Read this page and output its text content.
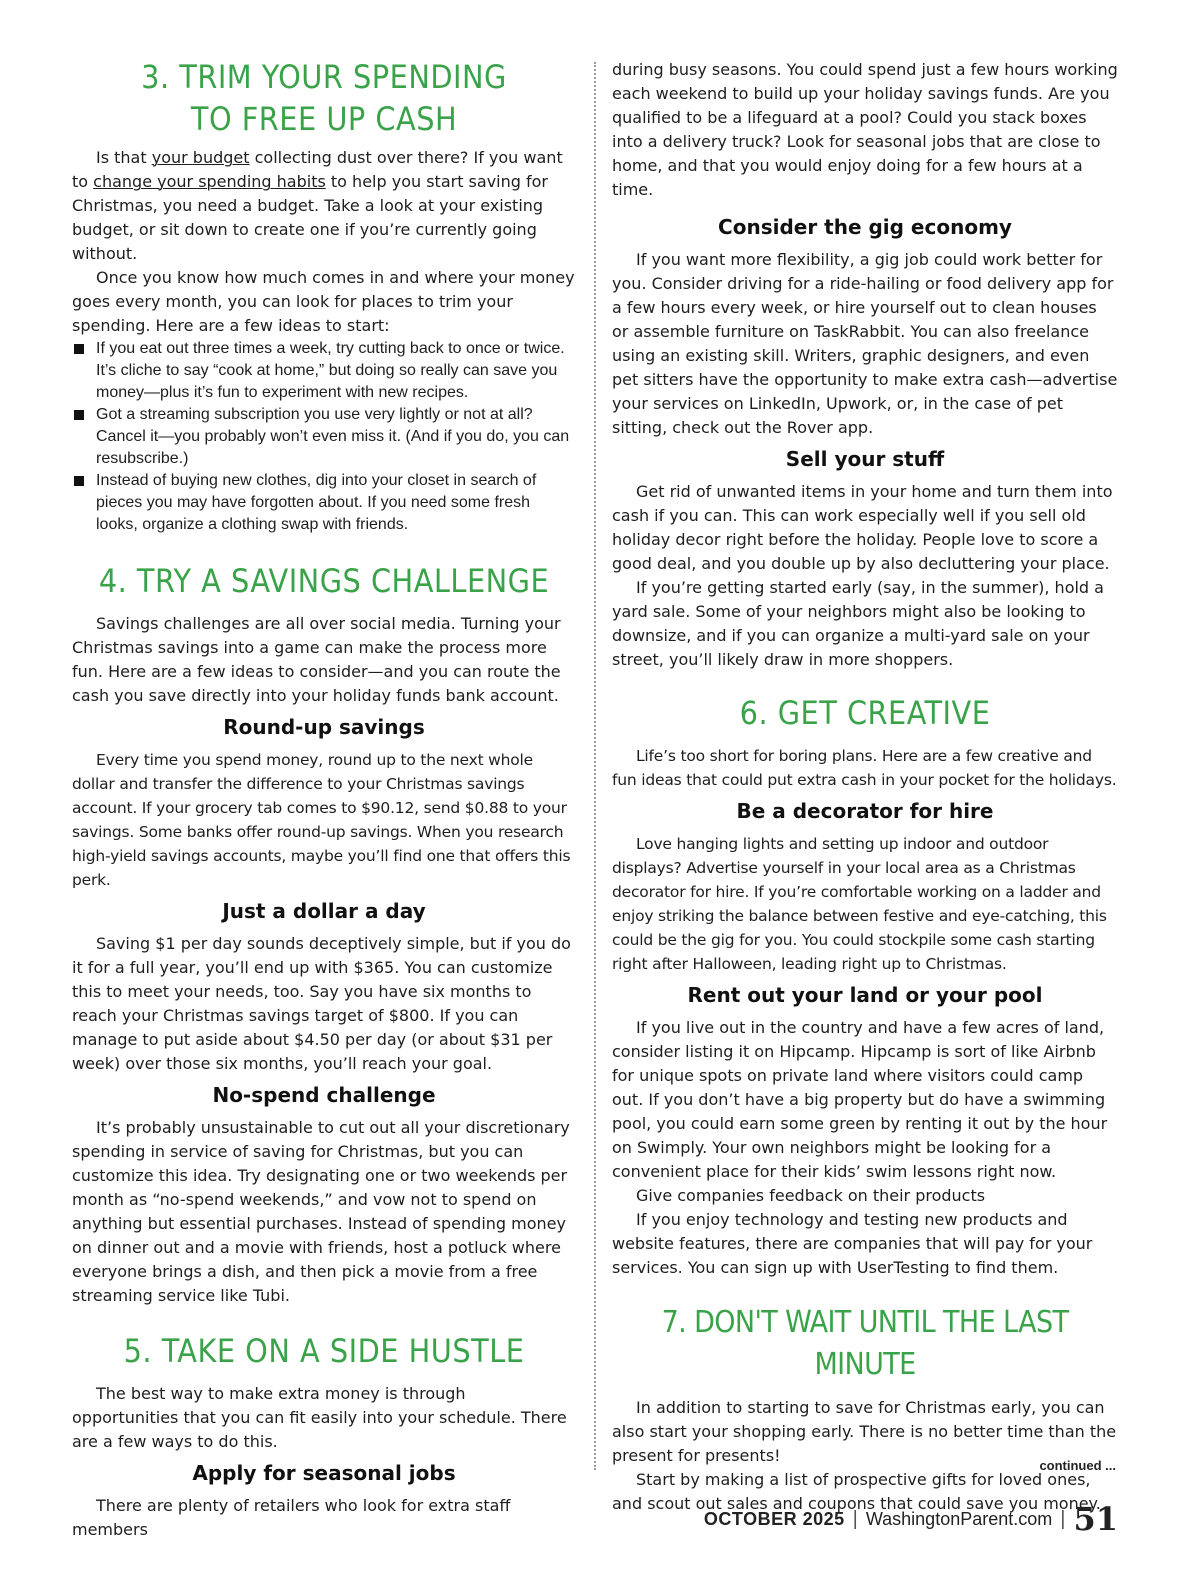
3. TRIM YOUR SPENDING
TO FREE UP CASH

Is that your budget collecting dust over there? If you want to change your spending habits to help you start saving for Christmas, you need a budget. Take a look at your existing budget, or sit down to create one if you’re currently going without.

Once you know how much comes in and where your money goes every month, you can look for places to trim your spending. Here are a few ideas to start:

If you eat out three times a week, try cutting back to once or twice. It’s cliche to say “cook at home,” but doing so really can save you money—plus it’s fun to experiment with new recipes.
Got a streaming subscription you use very lightly or not at all? Cancel it—you probably won’t even miss it. (And if you do, you can resubscribe.)
Instead of buying new clothes, dig into your closet in search of pieces you may have forgotten about. If you need some fresh looks, organize a clothing swap with friends.
4. TRY A SAVINGS CHALLENGE

Savings challenges are all over social media. Turning your Christmas savings into a game can make the process more fun. Here are a few ideas to consider—and you can route the cash you save directly into your holiday funds bank account.

Round-up savings

Every time you spend money, round up to the next whole dollar and transfer the difference to your Christmas savings account. If your grocery tab comes to $90.12, send $0.88 to your savings. Some banks offer round-up savings. When you research high-yield savings accounts, maybe you’ll find one that offers this perk.

Just a dollar a day

Saving $1 per day sounds deceptively simple, but if you do it for a full year, you’ll end up with $365. You can customize this to meet your needs, too. Say you have six months to reach your Christmas savings target of $800. If you can manage to put aside about $4.50 per day (or about $31 per week) over those six months, you’ll reach your goal.

No-spend challenge

It’s probably unsustainable to cut out all your discretionary spending in service of saving for Christmas, but you can customize this idea. Try designating one or two weekends per month as “no-spend weekends,” and vow not to spend on anything but essential purchases. Instead of spending money on dinner out and a movie with friends, host a potluck where everyone brings a dish, and then pick a movie from a free streaming service like Tubi.

5. TAKE ON A SIDE HUSTLE

The best way to make extra money is through opportunities that you can fit easily into your schedule. There are a few ways to do this.

Apply for seasonal jobs

There are plenty of retailers who look for extra staff members

during busy seasons. You could spend just a few hours working each weekend to build up your holiday savings funds. Are you qualified to be a lifeguard at a pool? Could you stack boxes into a delivery truck? Look for seasonal jobs that are close to home, and that you would enjoy doing for a few hours at a time.

Consider the gig economy

If you want more flexibility, a gig job could work better for you. Consider driving for a ride-hailing or food delivery app for a few hours every week, or hire yourself out to clean houses or assemble furniture on TaskRabbit. You can also freelance using an existing skill. Writers, graphic designers, and even pet sitters have the opportunity to make extra cash—advertise your services on LinkedIn, Upwork, or, in the case of pet sitting, check out the Rover app.

Sell your stuff

Get rid of unwanted items in your home and turn them into cash if you can. This can work especially well if you sell old holiday decor right before the holiday. People love to score a good deal, and you double up by also decluttering your place.

If you’re getting started early (say, in the summer), hold a yard sale. Some of your neighbors might also be looking to downsize, and if you can organize a multi-yard sale on your street, you’ll likely draw in more shoppers.

6. GET CREATIVE

Life’s too short for boring plans. Here are a few creative and fun ideas that could put extra cash in your pocket for the holidays.

Be a decorator for hire

Love hanging lights and setting up indoor and outdoor displays? Advertise yourself in your local area as a Christmas decorator for hire. If you’re comfortable working on a ladder and enjoy striking the balance between festive and eye-catching, this could be the gig for you. You could stockpile some cash starting right after Halloween, leading right up to Christmas.

Rent out your land or your pool

If you live out in the country and have a few acres of land, consider listing it on Hipcamp. Hipcamp is sort of like Airbnb for unique spots on private land where visitors could camp out. If you don’t have a big property but do have a swimming pool, you could earn some green by renting it out by the hour on Swimply. Your own neighbors might be looking for a convenient place for their kids’ swim lessons right now.

Give companies feedback on their products

If you enjoy technology and testing new products and website features, there are companies that will pay for your services. You can sign up with UserTesting to find them.

7. DON'T WAIT UNTIL THE LAST MINUTE

In addition to starting to save for Christmas early, you can also start your shopping early. There is no better time than the present for presents!

Start by making a list of prospective gifts for loved ones, and scout out sales and coupons that could save you money.

continued ...
OCTOBER 2025 | WashingtonParent.com | 51
